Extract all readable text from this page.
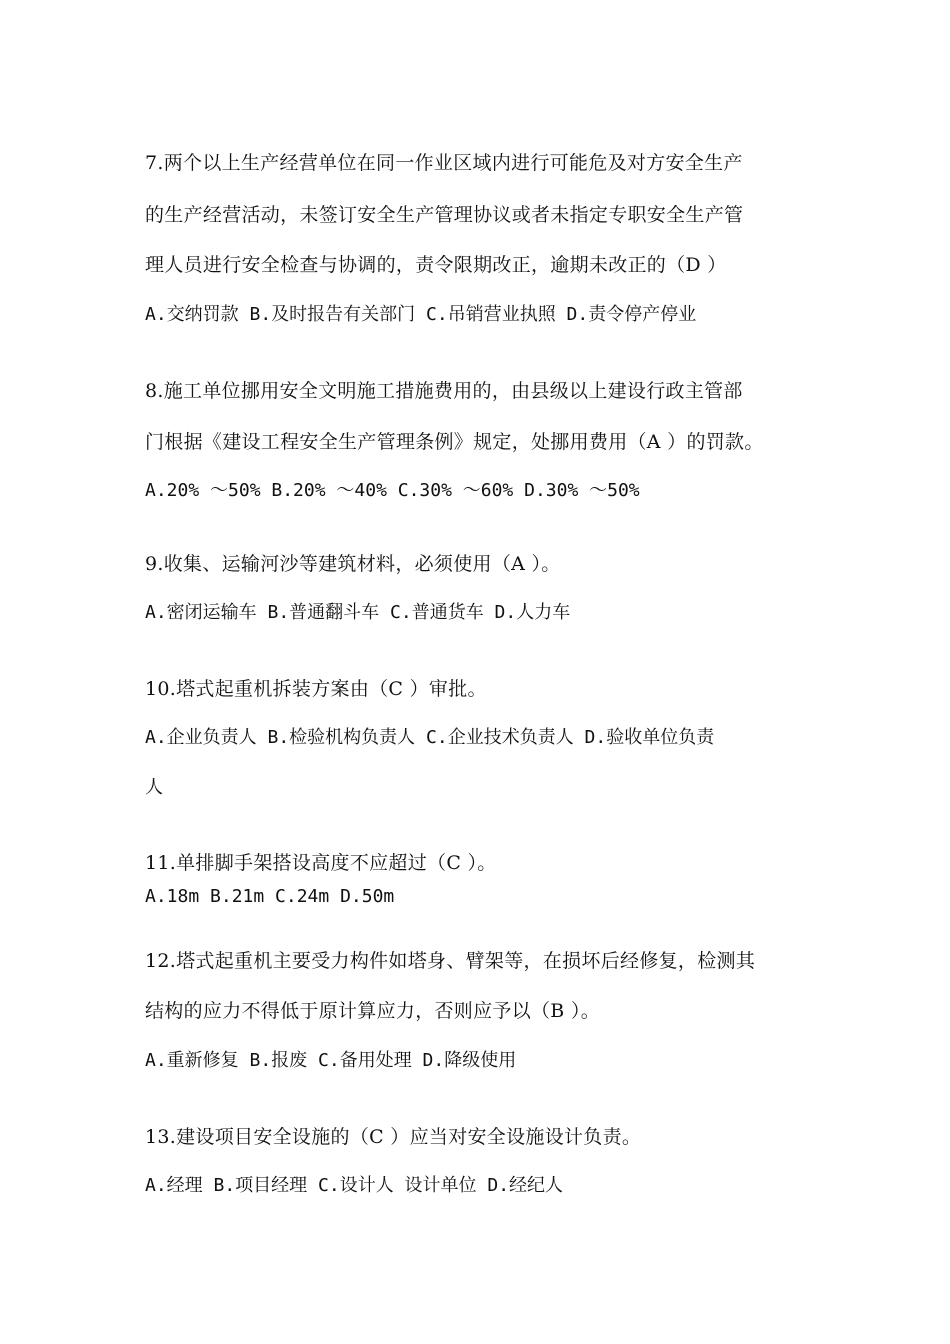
7.两个以上生产经营单位在同一作业区域内进行可能危及对方安全生产
的生产经营活动，未签订安全生产管理协议或者未指定专职安全生产管
理人员进行安全检查与协调的，责令限期改正，逾期未改正的（D ）
A.交纳罚款 B.及时报告有关部门 C.吊销营业执照 D.责令停产停业
8.施工单位挪用安全文明施工措施费用的，由县级以上建设行政主管部
门根据《建设工程安全生产管理条例》规定，处挪用费用（A ）的罚款。
A.20% ～50% B.20% ～40% C.30% ～60% D.30% ～50%
9.收集、运输河沙等建筑材料，必须使用（A ）。
A.密闭运输车 B.普通翻斗车 C.普通货车 D.人力车
10.塔式起重机拆装方案由（C ）审批。
A.企业负责人 B.检验机构负责人 C.企业技术负责人 D.验收单位负责
人
11.单排脚手架搭设高度不应超过（C ）。
A.18m B.21m C.24m D.50m
12.塔式起重机主要受力构件如塔身、臂架等，在损坏后经修复，检测其
结构的应力不得低于原计算应力，否则应予以（B ）。
A.重新修复 B.报废 C.备用处理 D.降级使用
13.建设项目安全设施的（C ）应当对安全设施设计负责。
A.经理 B.项目经理 C.设计人 设计单位 D.经纪人
